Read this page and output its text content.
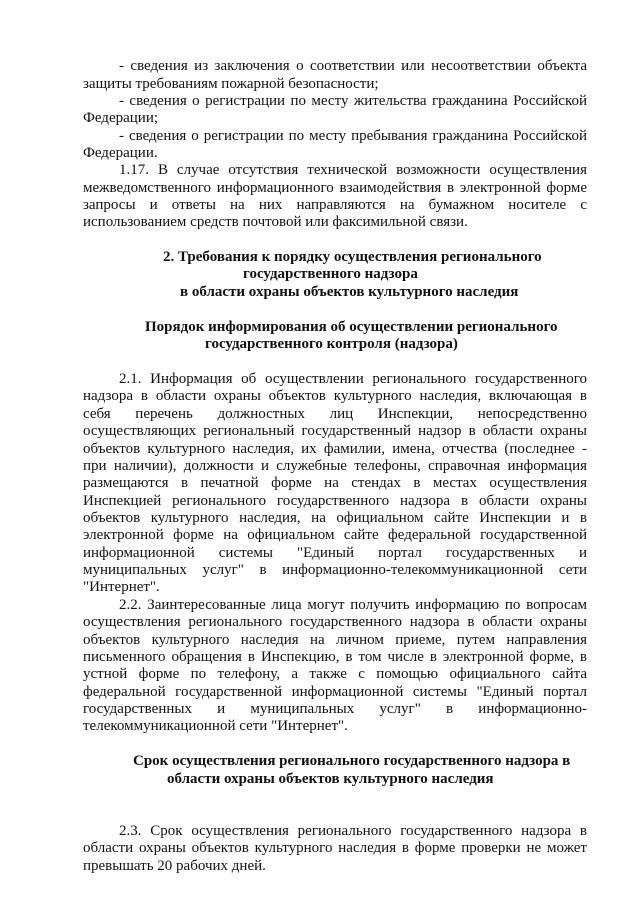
- сведения из заключения о соответствии или несоответствии объекта

защиты требованиям пожарной безопасности;

- сведения о регистрации по месту жительства гражданина Российской

Федерации;

- сведения о регистрации по месту пребывания гражданина Российской

Федерации.

1.17. В случае отсутствия технической возможности осуществления

межведомственного информационного взаимодействия в электронной форме

запросы и ответы на них направляются на бумажном носителе с

использованием средств почтовой или факсимильной связи.

2. Требования к порядку осуществления регионального

государственного надзора

в области охраны объектов культурного наследия

Порядок информирования об осуществлении регионального

государственного контроля (надзора)

2.1. Информация об осуществлении регионального государственного

надзора в области охраны объектов культурного наследия, включающая в

себя перечень должностных лиц Инспекции, непосредственно

осуществляющих региональный государственный надзор в области охраны

объектов культурного наследия, их фамилии, имена, отчества (последнее -

при наличии), должности и служебные телефоны, справочная информация

размещаются в печатной форме на стендах в местах осуществления

Инспекцией регионального государственного надзора в области охраны

объектов культурного наследия, на официальном сайте Инспекции и в

электронной форме на официальном сайте федеральной государственной

информационной системы "Единый портал государственных и

муниципальных услуг" в информационно-телекоммуникационной сети

"Интернет".

2.2. Заинтересованные лица могут получить информацию по вопросам

осуществления регионального государственного надзора в области охраны

объектов культурного наследия на личном приеме, путем направления

письменного обращения в Инспекцию, в том числе в электронной форме, в

устной форме по телефону, а также с помощью официального сайта

федеральной государственной информационной системы "Единый портал

государственных и муниципальных услуг" в информационно-

телекоммуникационной сети "Интернет".

Срок осуществления регионального государственного надзора в

области охраны объектов культурного наследия

2.3. Срок осуществления регионального государственного надзора в

области охраны объектов культурного наследия в форме проверки не может

превышать 20 рабочих дней.
